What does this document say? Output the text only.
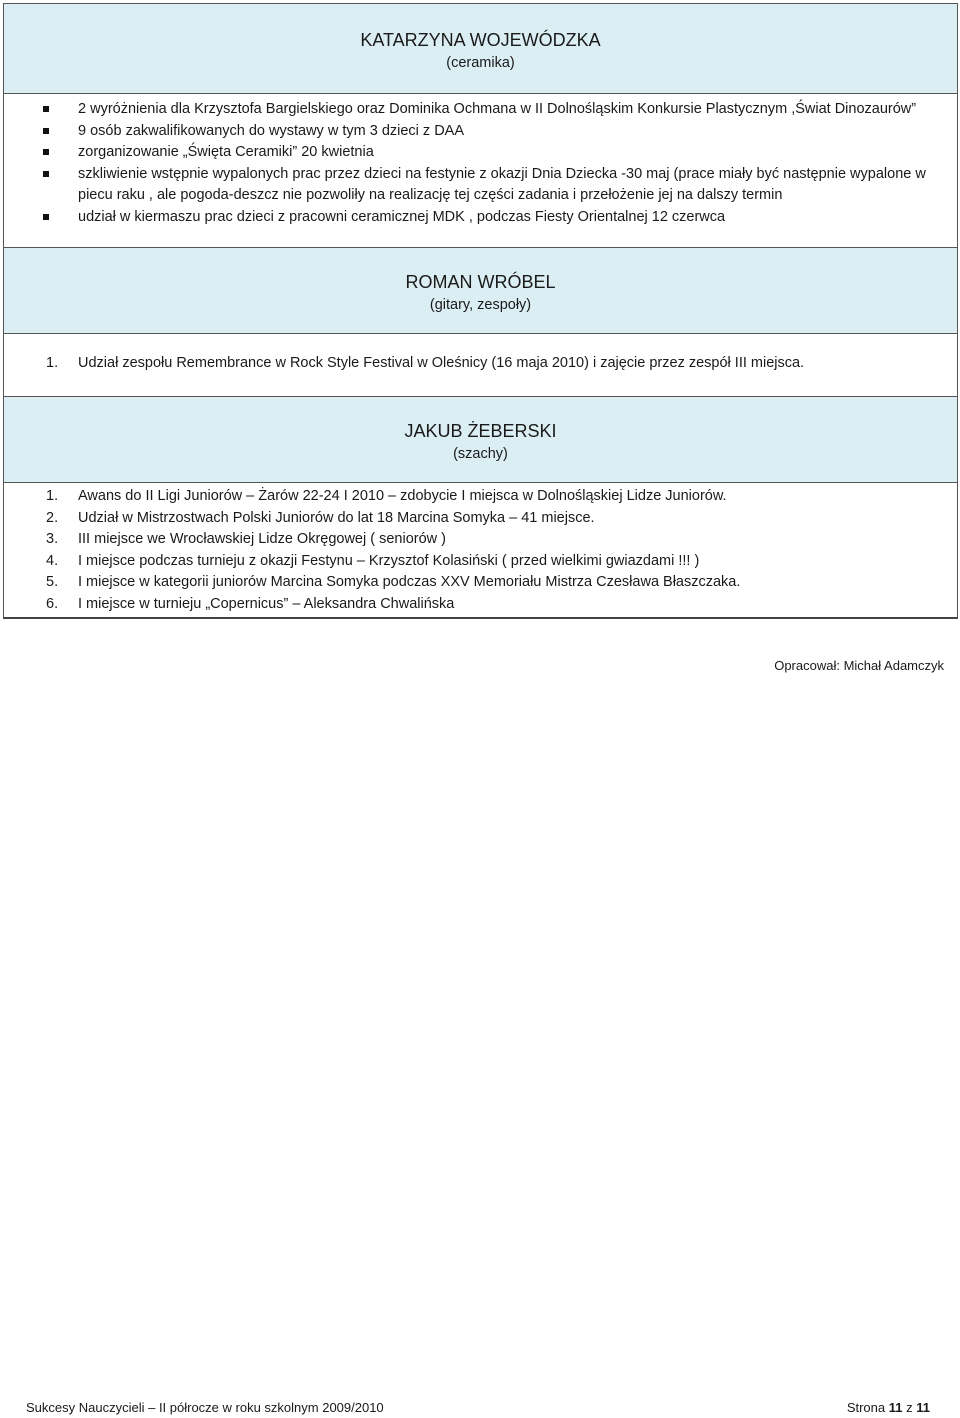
KATARZYNA WOJEWÓDZKA
(ceramika)
2 wyróżnienia dla Krzysztofa Bargielskiego oraz Dominika Ochmana w II Dolnośląskim Konkursie Plastycznym ,Świat Dinozaurów”
9 osób zakwalifikowanych do wystawy w tym 3 dzieci z DAA
zorganizowanie „Święta Ceramiki” 20 kwietnia
szkliwienie wstępnie wypalonych prac przez dzieci na festynie z okazji Dnia Dziecka -30 maj (prace miały być następnie wypalone w piecu raku , ale pogoda-deszcz nie pozwoliły na realizację tej części zadania i przełożenie jej na dalszy termin
udział w kiermaszu prac dzieci z pracowni ceramicznej MDK , podczas Fiesty Orientalnej 12 czerwca
ROMAN WRÓBEL
(gitary, zespoły)
1. Udział zespołu Remembrance w Rock Style Festival w Oleśnicy (16 maja 2010) i zajęcie przez zespół III miejsca.
JAKUB ŻEBERSKI
(szachy)
1. Awans do II Ligi Juniorów – Żarów 22-24 I 2010 – zdobycie I miejsca w Dolnośląskiej Lidze Juniorów.
2. Udział w Mistrzostwach Polski Juniorów do lat 18 Marcina Somyka – 41 miejsce.
3. III miejsce we Wrocławskiej Lidze Okręgowej ( seniorów )
4. I miejsce podczas turnieju z okazji Festynu – Krzysztof Kolasiński ( przed wielkimi gwiazdami !!! )
5. I miejsce w kategorii juniorów Marcina Somyka podczas XXV Memoriału Mistrza Czesława Błaszczaka.
6. I miejsce w turnieju „Copernicus” – Aleksandra Chwalińska
Opracował: Michał Adamczyk
Sukcesy Nauczycieli – II półrocze w roku szkolnym 2009/2010	Strona 11 z 11
